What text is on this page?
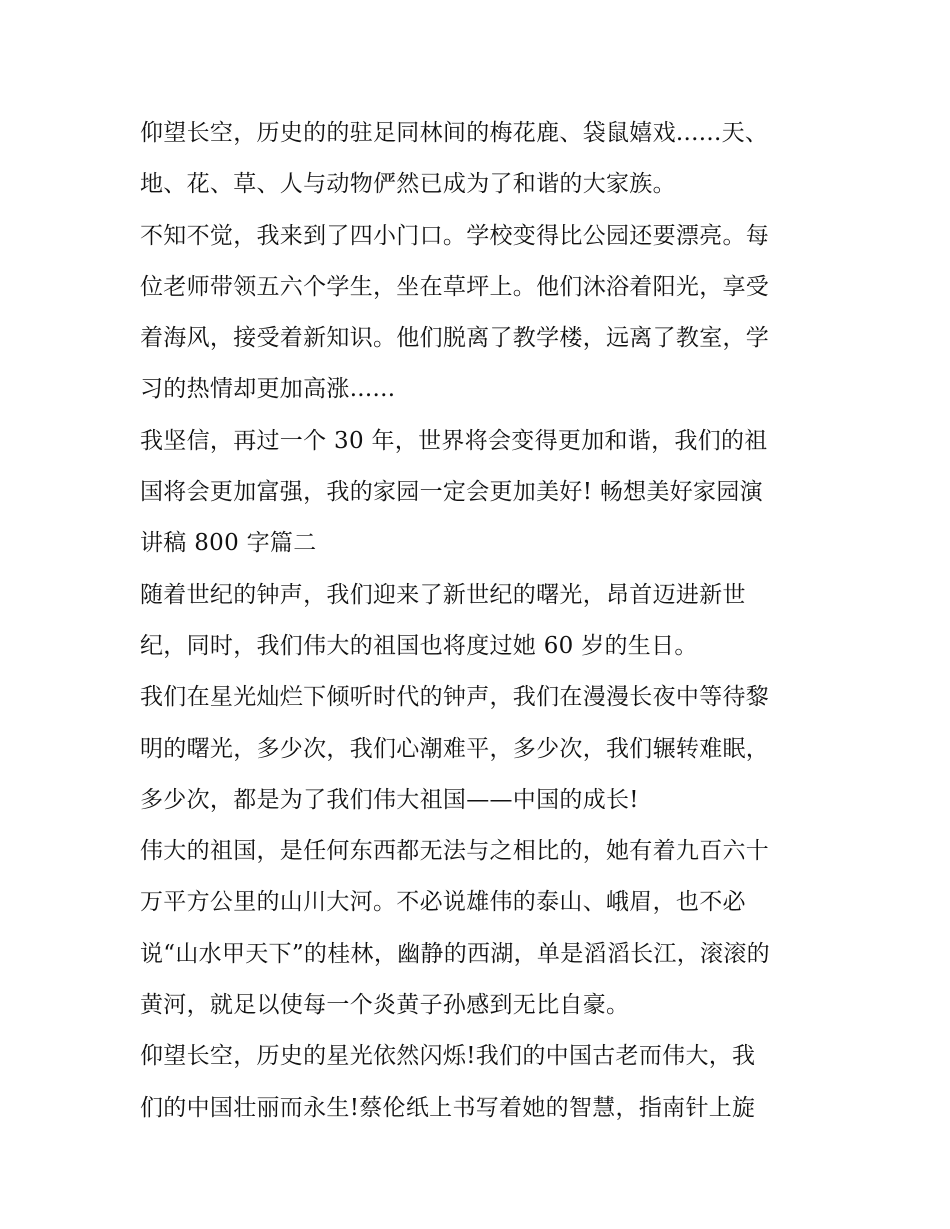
仰望长空，历史的的驻足同林间的梅花鹿、袋鼠嬉戏......天、
地、花、草、人与动物俨然已成为了和谐的大家族。
不知不觉，我来到了四小门口。学校变得比公园还要漂亮。每
位老师带领五六个学生，坐在草坪上。他们沐浴着阳光，享受
着海风，接受着新知识。他们脱离了教学楼，远离了教室，学
习的热情却更加高涨......
我坚信，再过一个 30 年，世界将会变得更加和谐，我们的祖
国将会更加富强，我的家园一定会更加美好! 畅想美好家园演
讲稿 800 字篇二
随着世纪的钟声，我们迎来了新世纪的曙光，昂首迈进新世
纪，同时，我们伟大的祖国也将度过她 60 岁的生日。
我们在星光灿烂下倾听时代的钟声，我们在漫漫长夜中等待黎
明的曙光，多少次，我们心潮难平，多少次，我们辗转难眠，
多少次，都是为了我们伟大祖国——中国的成长!
伟大的祖国，是任何东西都无法与之相比的，她有着九百六十
万平方公里的山川大河。不必说雄伟的泰山、峨眉，也不必
说“山水甲天下”的桂林，幽静的西湖，单是滔滔长江，滚滚的
黄河，就足以使每一个炎黄子孙感到无比自豪。
仰望长空，历史的星光依然闪烁!我们的中国古老而伟大，我
们的中国壮丽而永生!蔡伦纸上书写着她的智慧，指南针上旋
